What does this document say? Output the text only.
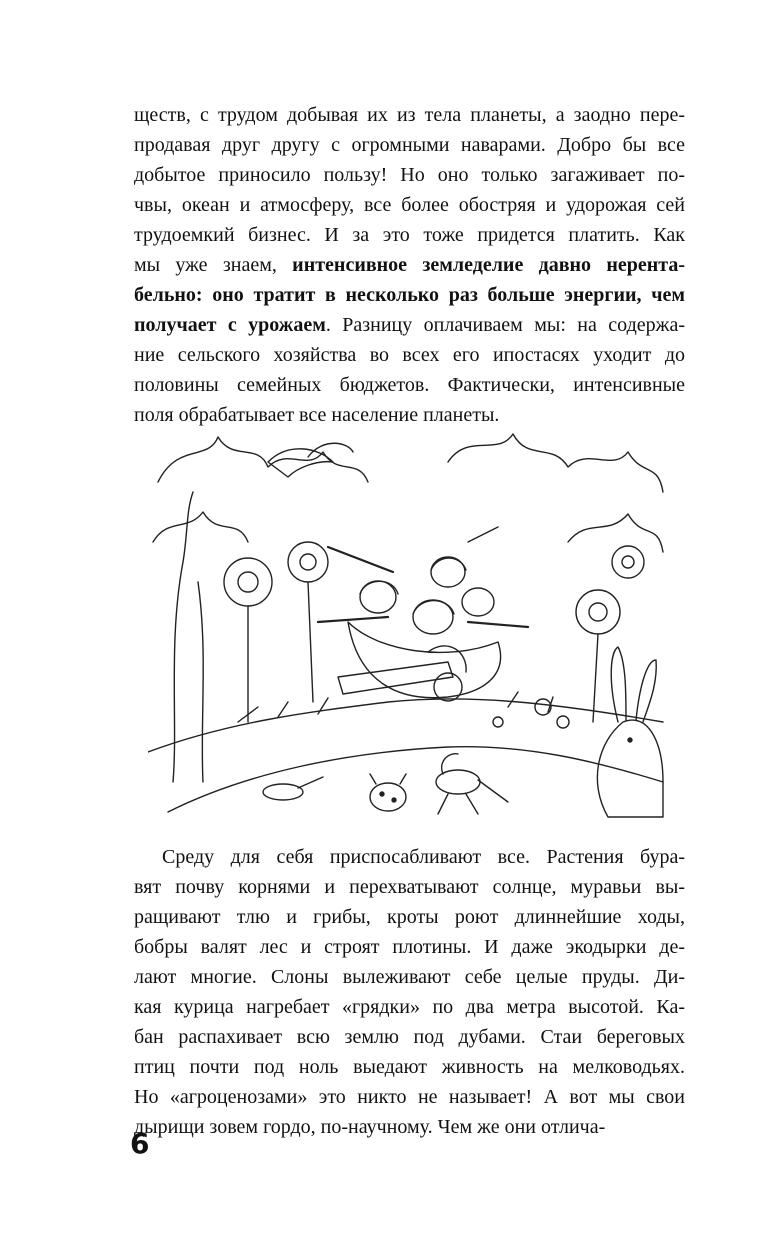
ществ, с трудом добывая их из тела планеты, а заодно пере-
продавая друг другу с огромными наварами. Добро бы все
добытое приносило пользу! Но оно только загаживает по-
чвы, океан и атмосферу, все более обостряя и удорожая сей
трудоемкий бизнес. И за это тоже придется платить. Как
мы уже знаем, интенсивное земледелие давно нерента-
бельно: оно тратит в несколько раз больше энергии, чем
получает с урожаем. Разницу оплачиваем мы: на содержа-
ние сельского хозяйства во всех его ипостасях уходит до
половины семейных бюджетов. Фактически, интенсивные
поля обрабатывает все население планеты.
Среду для себя приспосабливают все. Растения бура-
вят почву корнями и перехватывают солнце, муравьи вы-
ращивают тлю и грибы, кроты роют длиннейшие ходы,
бобры валят лес и строят плотины. И даже экодырки де-
лают многие. Слоны вылеживают себе целые пруды. Ди-
кая курица нагребает «грядки» по два метра высотой. Ка-
бан распахивает всю землю под дубами. Стаи береговых
птиц почти под ноль выедают живность на мелководьях.
Но «агроценозами» это никто не называет! А вот мы свои
дырищи зовем гордо, по-научному. Чем же они отлича-
6
